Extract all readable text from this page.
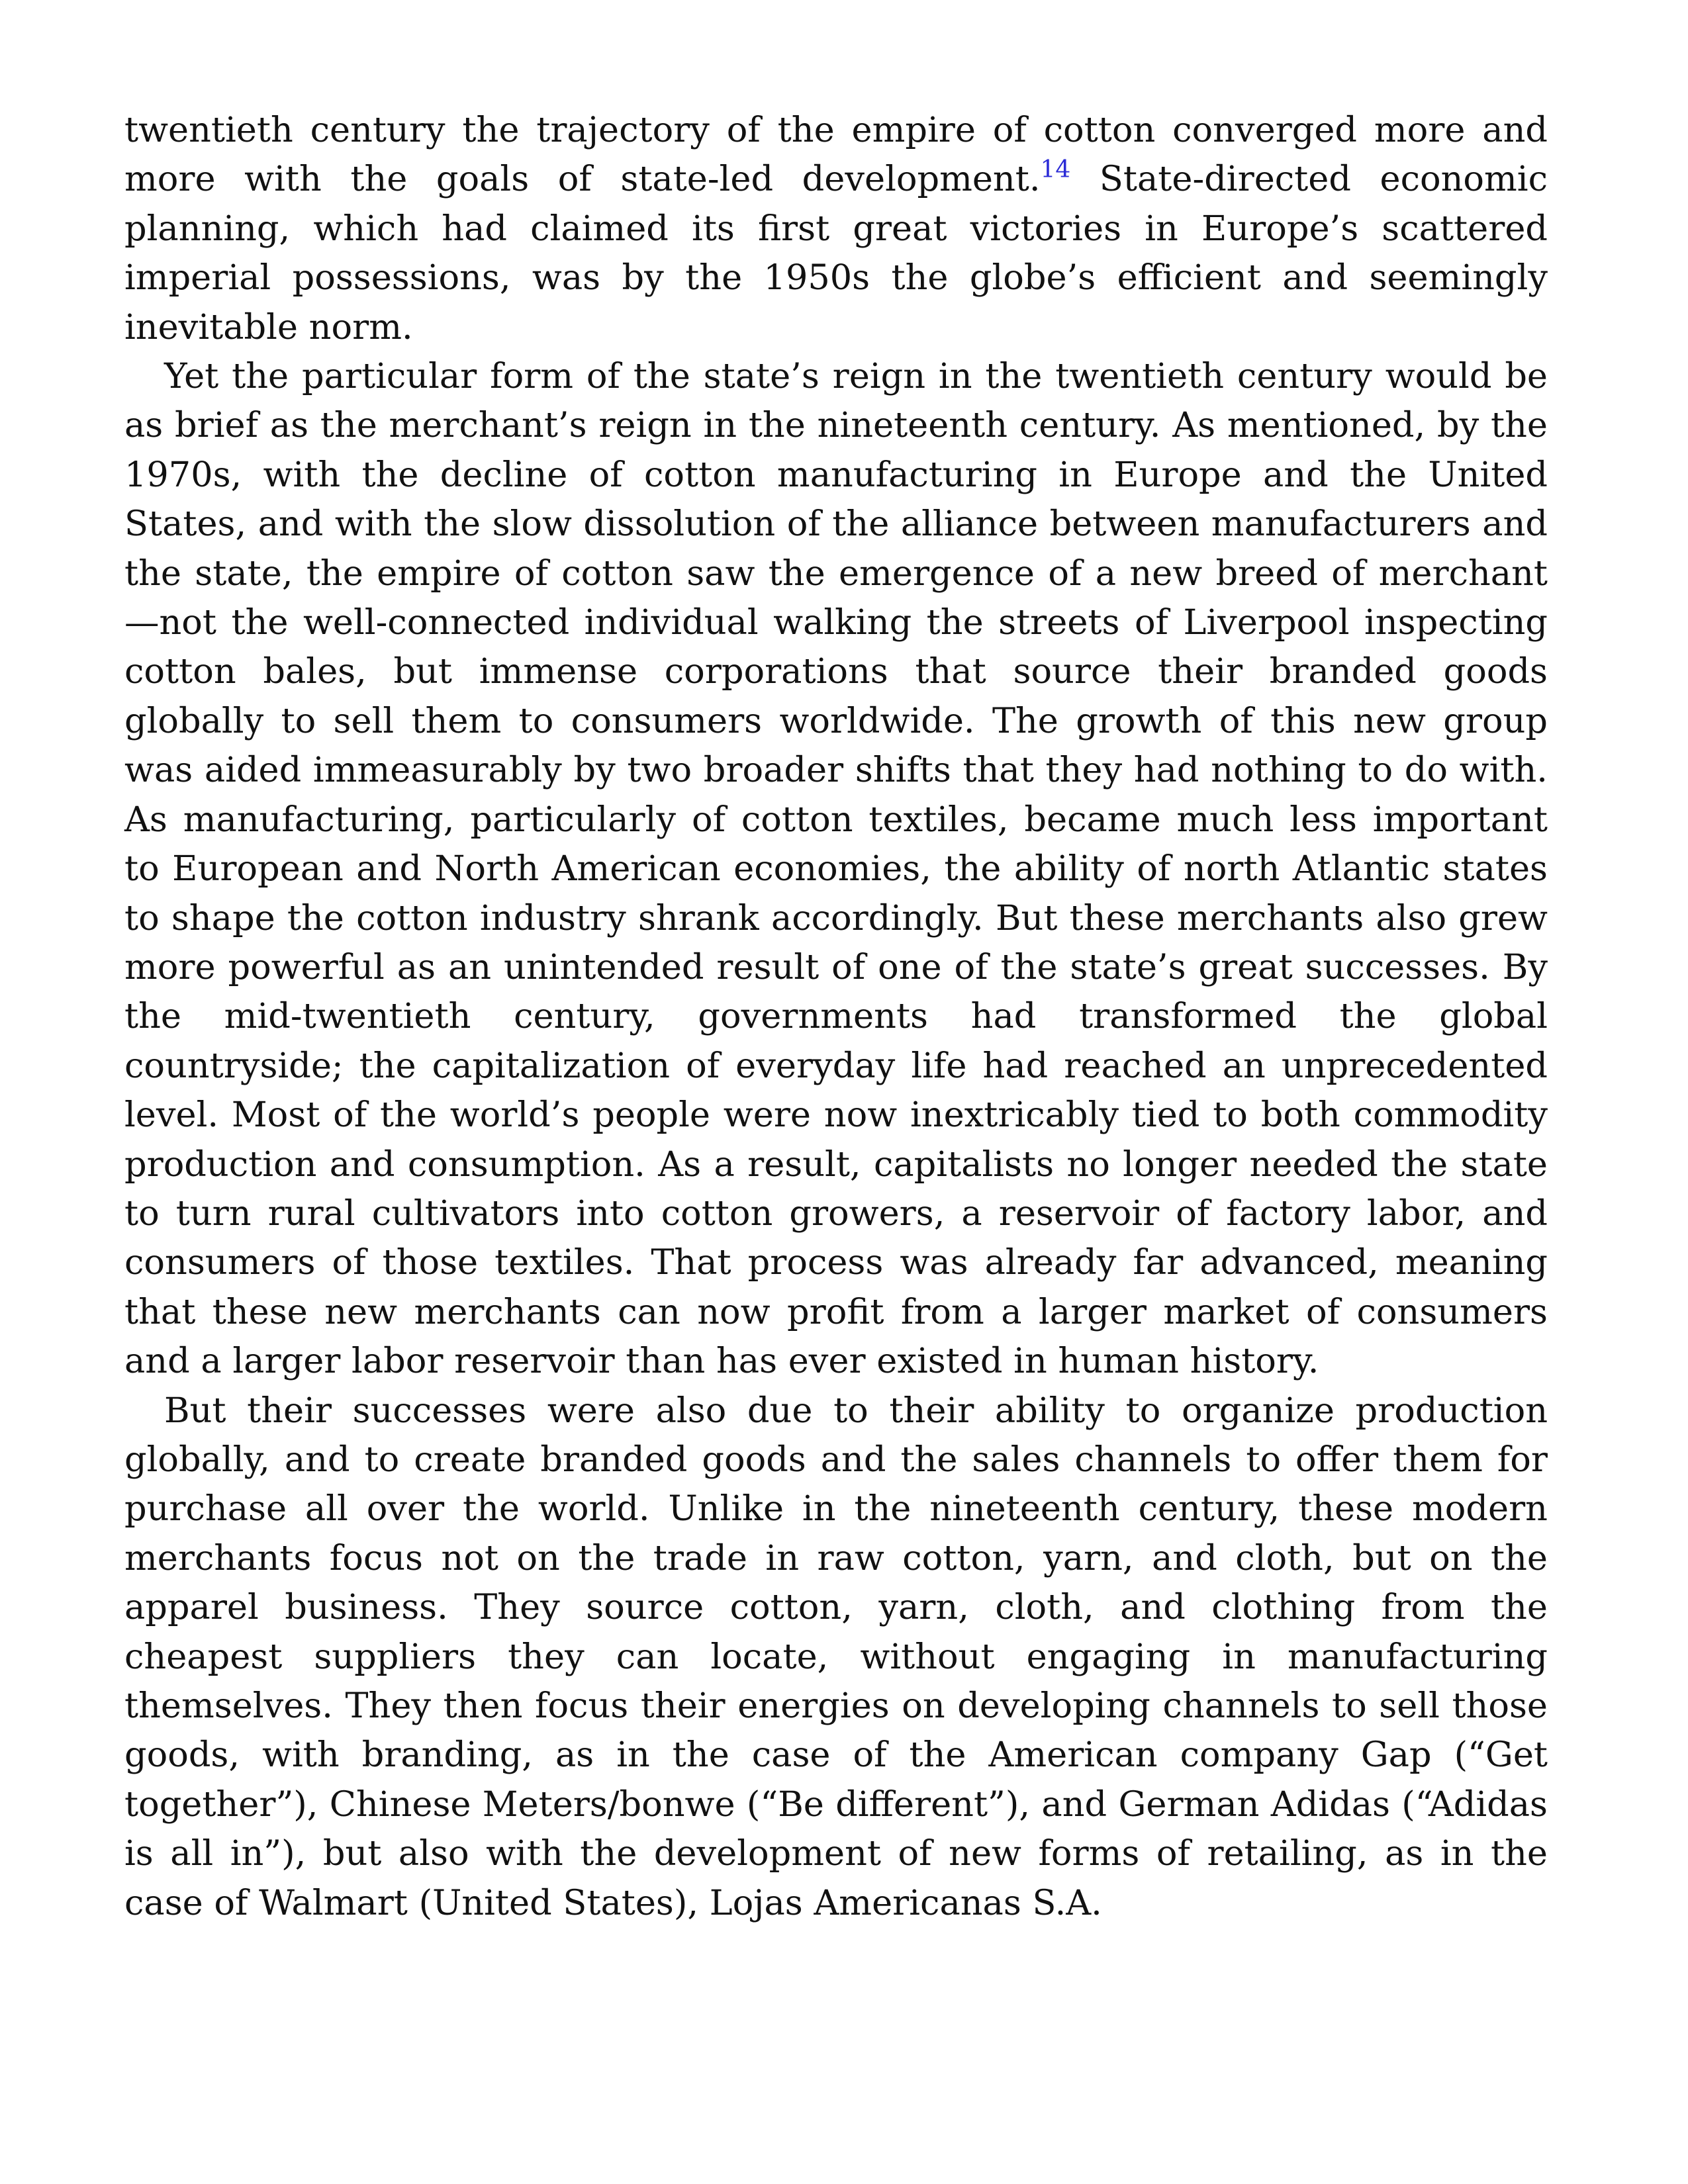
twentieth century the trajectory of the empire of cotton converged more and more with the goals of state-led development.$^{14}$ State-directed economic planning, which had claimed its first great victories in Europe’s scattered imperial possessions, was by the 1950s the globe’s efficient and seemingly inevitable norm.

Yet the particular form of the state’s reign in the twentieth century would be as brief as the merchant’s reign in the nineteenth century. As mentioned, by the 1970s, with the decline of cotton manufacturing in Europe and the United States, and with the slow dissolution of the alliance between manufacturers and the state, the empire of cotton saw the emergence of a new breed of merchant—not the well-connected individual walking the streets of Liverpool inspecting cotton bales, but immense corporations that source their branded goods globally to sell them to consumers worldwide. The growth of this new group was aided immeasurably by two broader shifts that they had nothing to do with. As manufacturing, particularly of cotton textiles, became much less important to European and North American economies, the ability of north Atlantic states to shape the cotton industry shrank accordingly. But these merchants also grew more powerful as an unintended result of one of the state’s great successes. By the mid-twentieth century, governments had transformed the global countryside; the capitalization of everyday life had reached an unprecedented level. Most of the world’s people were now inextricably tied to both commodity production and consumption. As a result, capitalists no longer needed the state to turn rural cultivators into cotton growers, a reservoir of factory labor, and consumers of those textiles. That process was already far advanced, meaning that these new merchants can now profit from a larger market of consumers and a larger labor reservoir than has ever existed in human history.

But their successes were also due to their ability to organize production globally, and to create branded goods and the sales channels to offer them for purchase all over the world. Unlike in the nineteenth century, these modern merchants focus not on the trade in raw cotton, yarn, and cloth, but on the apparel business. They source cotton, yarn, cloth, and clothing from the cheapest suppliers they can locate, without engaging in manufacturing themselves. They then focus their energies on developing channels to sell those goods, with branding, as in the case of the American company Gap (“Get together”), Chinese Meters/bonwe (“Be different”), and German Adidas (“Adidas is all in”), but also with the development of new forms of retailing, as in the case of Walmart (United States), Lojas Americanas S.A.
